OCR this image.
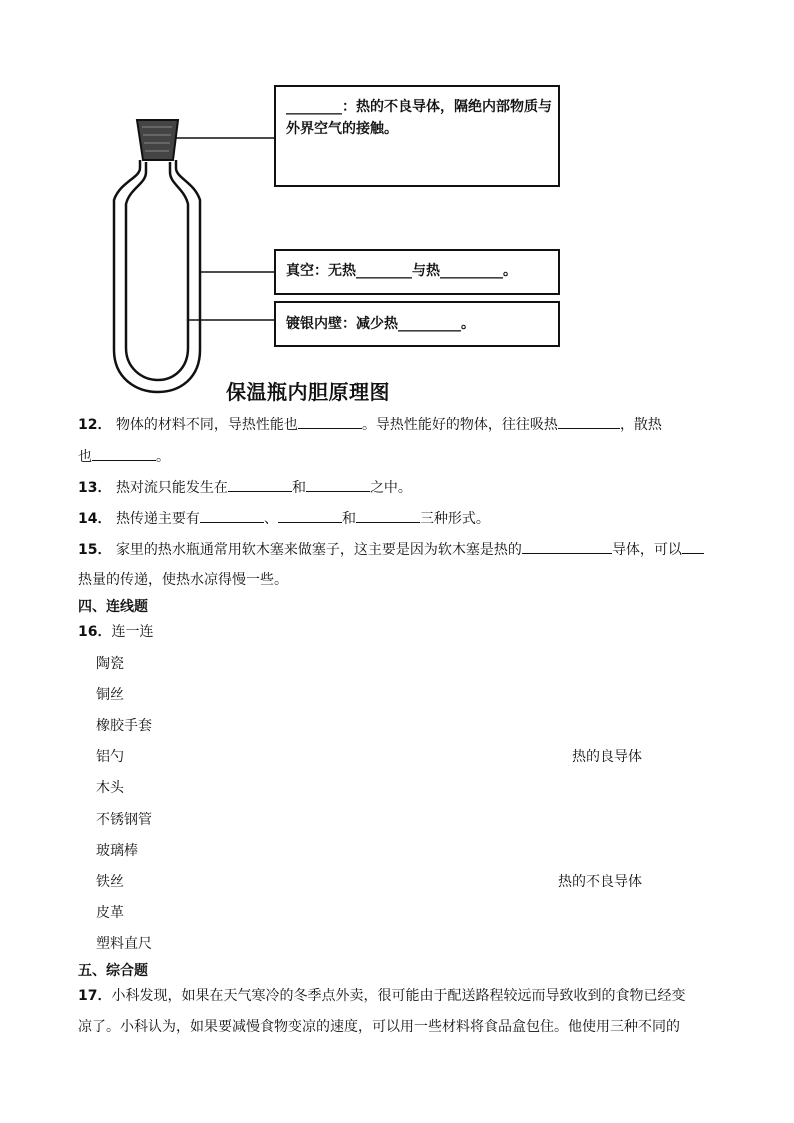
________：热的不良导体，隔绝内部物质与外界空气的接触。
真空：无热________与热_________。
镀银内壁：减少热_________。
保温瓶内胆原理图
12． 物体的材料不同，导热性能也	。导热性能好的物体，往往吸热	，散热
也	。
13． 热对流只能发生在	和	之中。
14． 热传递主要有	、	和	三种形式。
15． 家里的热水瓶通常用软木塞来做塞子，这主要是因为软木塞是热的	导体，可以
热量的传递，使热水凉得慢一些。
四、连线题
16．连一连
陶瓷
铜丝
橡胶手套
铝勺
木头
不锈钢管
玻璃棒
铁丝
皮革
塑料直尺
热的良导体
热的不良导体
五、综合题
17．小科发现，如果在天气寒冷的冬季点外卖，很可能由于配送路程较远而导致收到的食物已经变
凉了。小科认为，如果要减慢食物变凉的速度，可以用一些材料将食品盒包住。他使用三种不同的
